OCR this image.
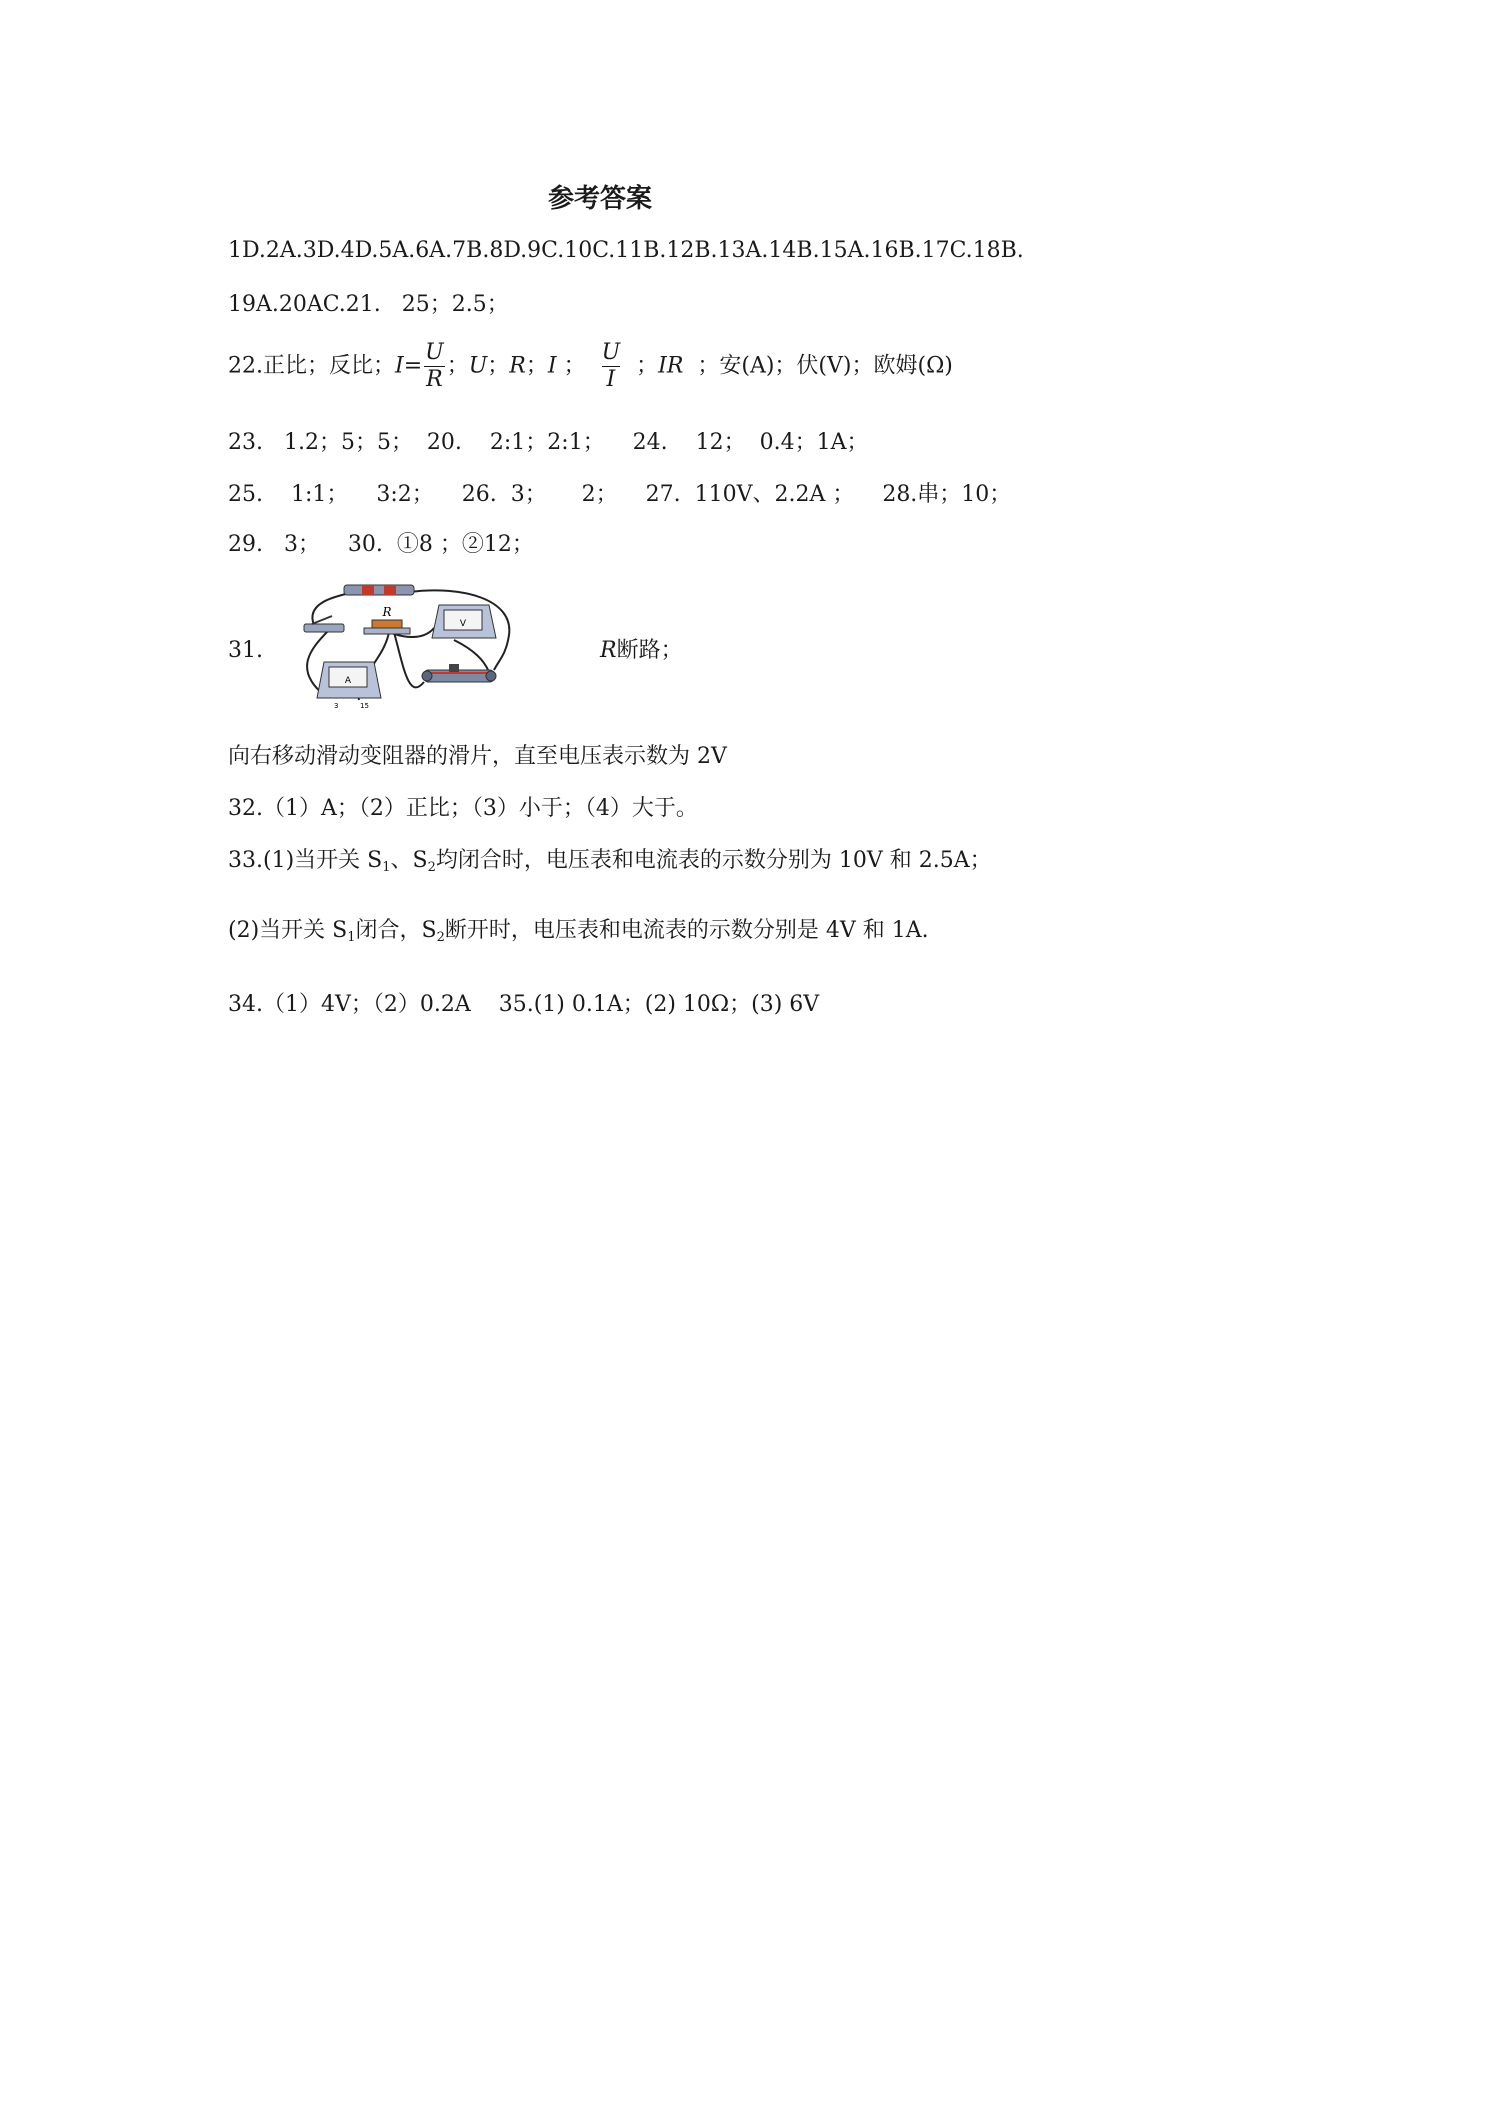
参考答案
1D.2A.3D.4D.5A.6A.7B.8D.9C.10C.11B.12B.13A.14B.15A.16B.17C.18B.
19A.20AC.21.   25；2.5；
22.正比；反比；$I= \frac{U}{R}$ ；U；R；I ； $\frac{U}{I}$ ；IR  ；安(A)；伏(V)；欧姆(Ω)
23.   1.2；5；5；  20.    2:1；2:1；    24.    12；  0.4；1A；
25.    1:1；    3:2；    26.  3；     2；    27.  110V、2.2A ；    28.串；10；
29.   3；    30.  ①8 ；②12；
31.
R
V
A
3	15
R断路；
向右移动滑动变阻器的滑片，直至电压表示数为 2V
32.（1）A；（2）正比；（3）小于；（4）大于。
33.(1)当开关 $S_1$、$S_2$均闭合时，电压表和电流表的示数分别为 10V 和 2.5A；
(2)当开关 $S_1$闭合，$S_2$断开时，电压表和电流表的示数分别是 4V 和 1A.
34.（1）4V；（2）0.2A    35.(1) 0.1A；(2) 10Ω；(3) 6V
